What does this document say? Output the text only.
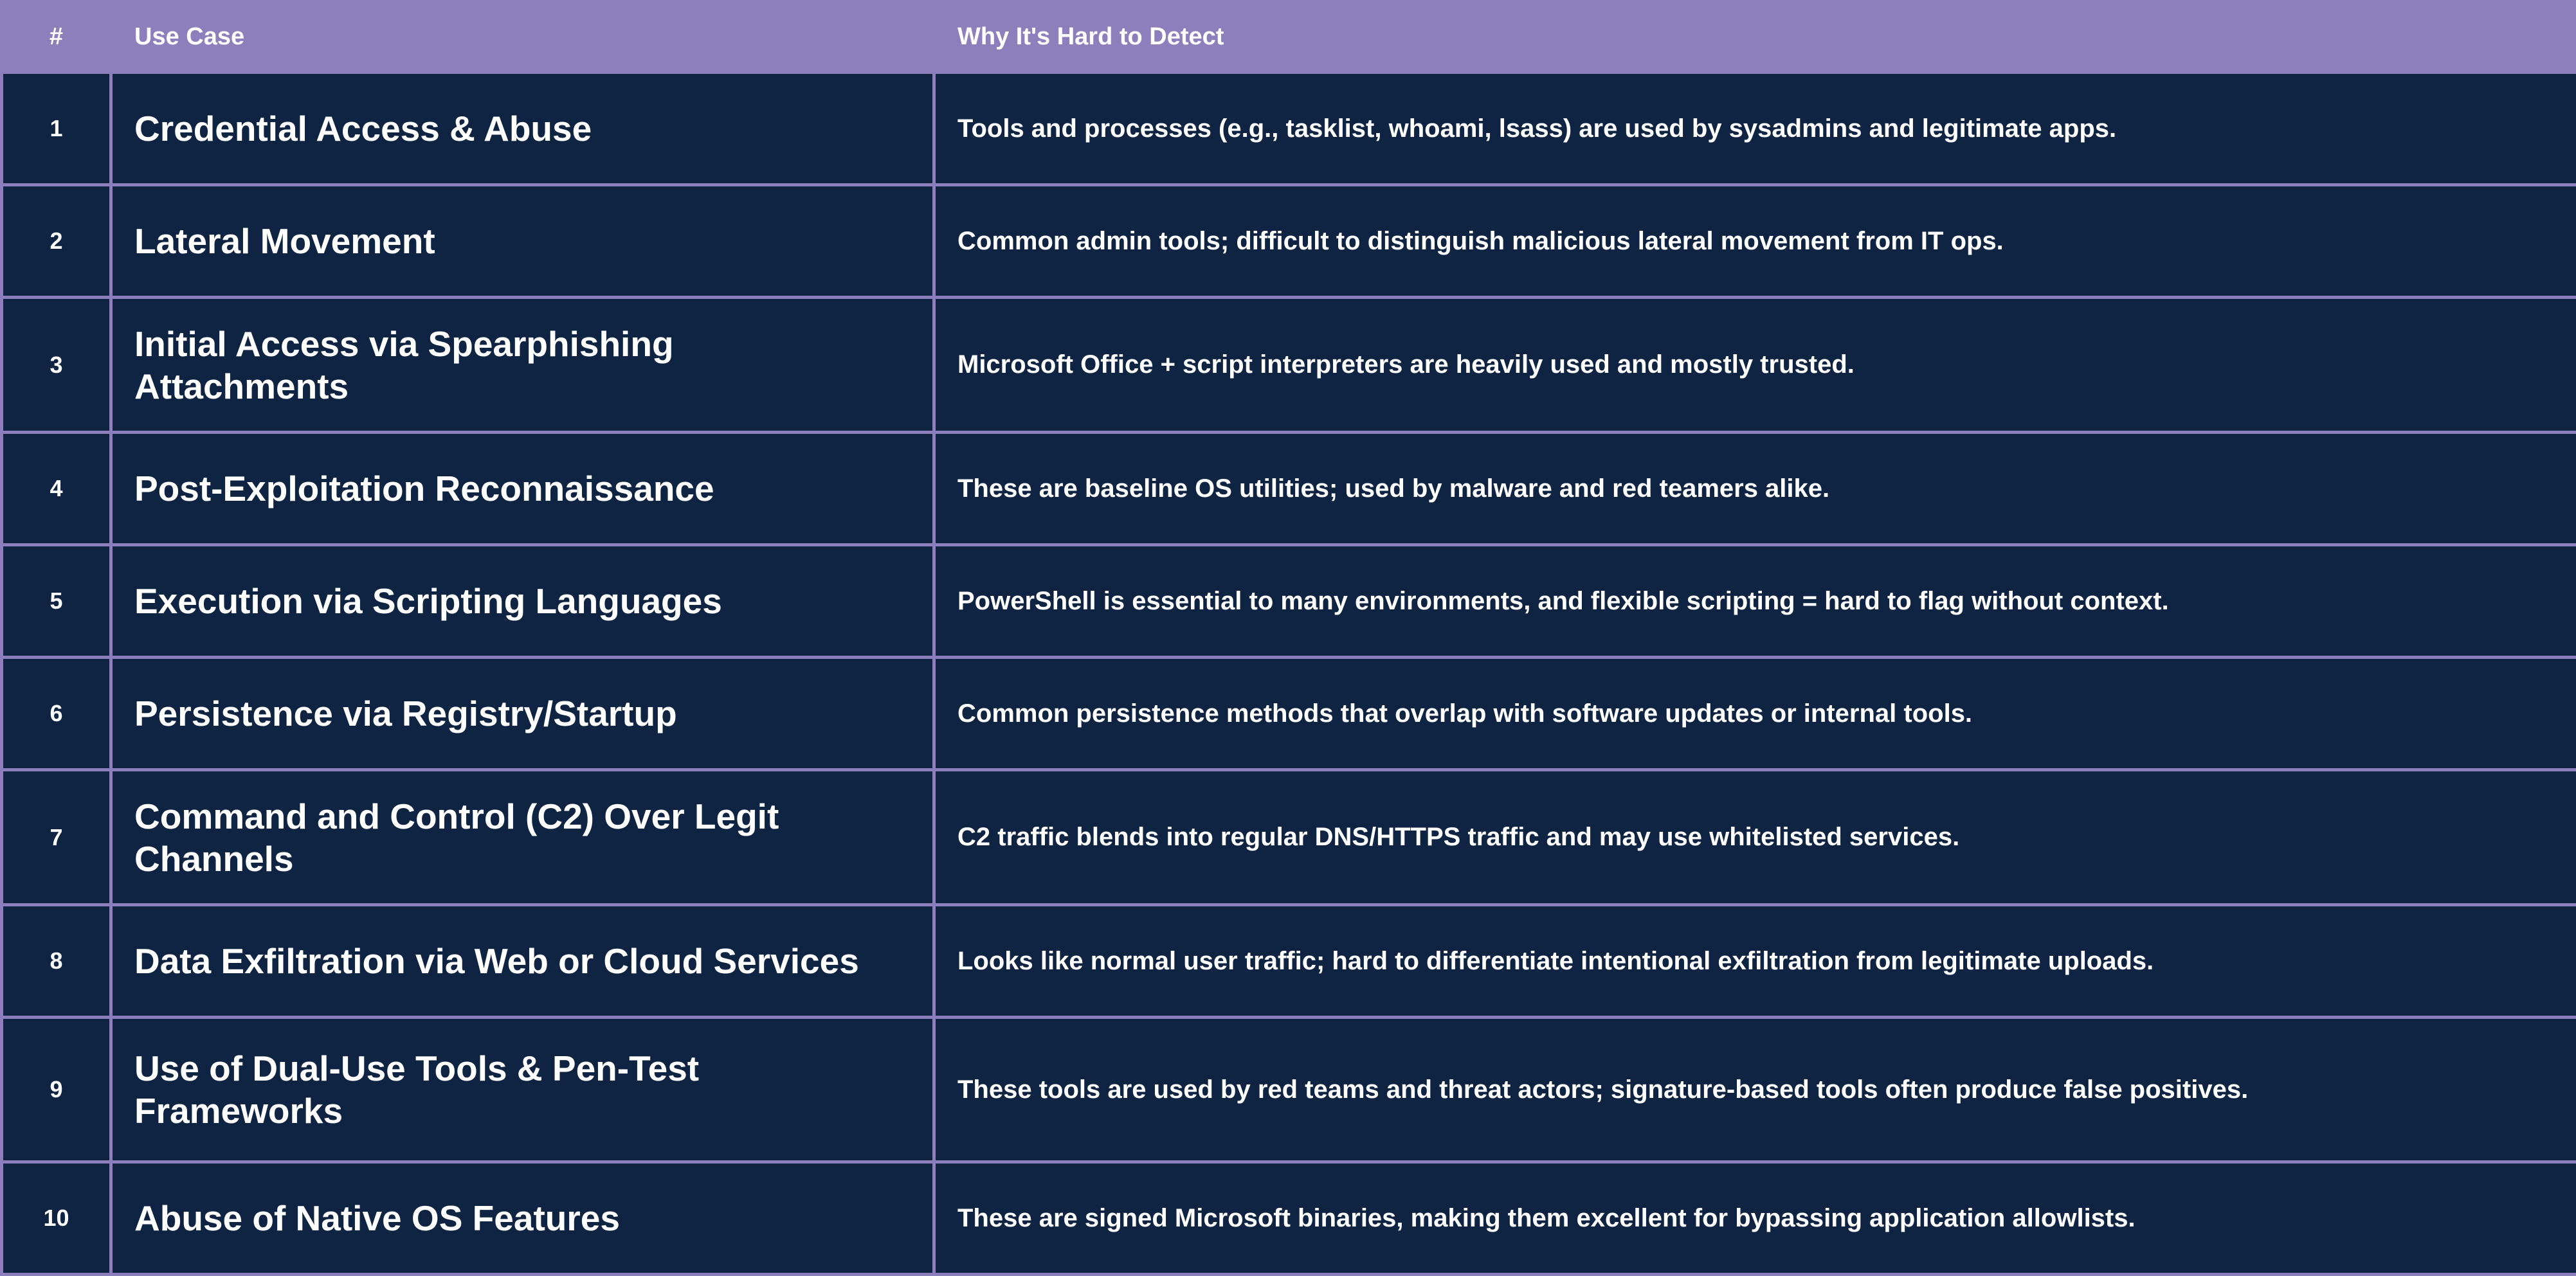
#	Use Case	Why It's Hard to Detect
1	Credential Access & Abuse	Tools and processes (e.g., tasklist, whoami, lsass) are used by sysadmins and legitimate apps.
2	Lateral Movement	Common admin tools; difficult to distinguish malicious lateral movement from IT ops.
3	Initial Access via Spearphishing Attachments	Microsoft Office + script interpreters are heavily used and mostly trusted.
4	Post-Exploitation Reconnaissance	These are baseline OS utilities; used by malware and red teamers alike.
5	Execution via Scripting Languages	PowerShell is essential to many environments, and flexible scripting = hard to flag without context.
6	Persistence via Registry/Startup	Common persistence methods that overlap with software updates or internal tools.
7	Command and Control (C2) Over Legit Channels	C2 traffic blends into regular DNS/HTTPS traffic and may use whitelisted services.
8	Data Exfiltration via Web or Cloud Services	Looks like normal user traffic; hard to differentiate intentional exfiltration from legitimate uploads.
9	Use of Dual-Use Tools & Pen-Test Frameworks	These tools are used by red teams and threat actors; signature-based tools often produce false positives.
10	Abuse of Native OS Features	These are signed Microsoft binaries, making them excellent for bypassing application allowlists.
